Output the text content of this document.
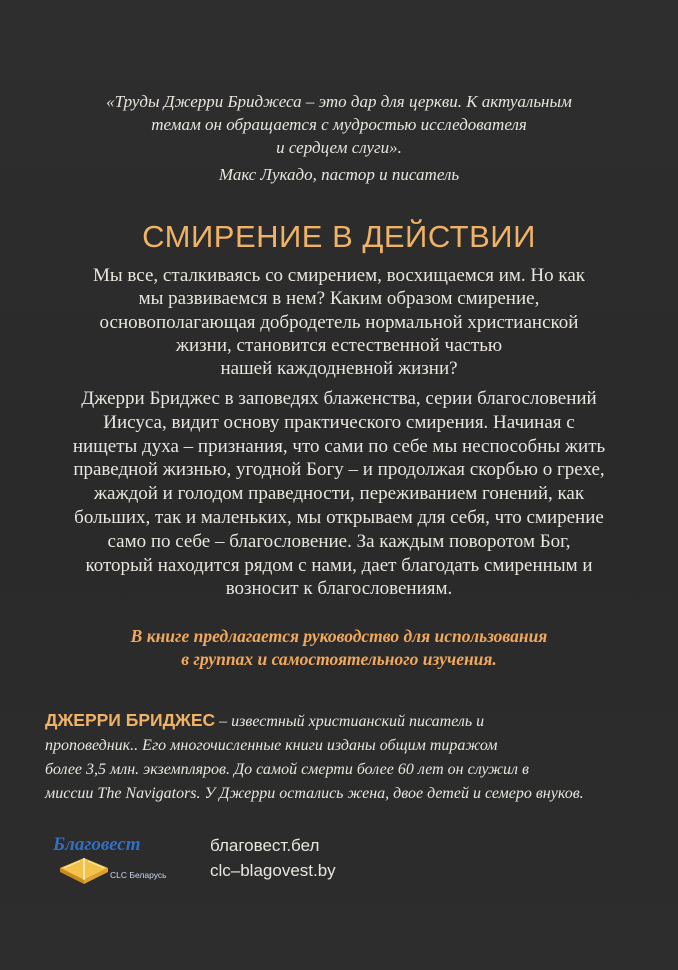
«Труды Джерри Бриджеса – это дар для церкви. К актуальным
темам он обращается с мудростью исследователя
и сердцем слуги».
Макс Лукадо, пастор и писатель
СМИРЕНИЕ В ДЕЙСТВИИ
Мы все, сталкиваясь со смирением, восхищаемся им. Но как
мы развиваемся в нем? Каким образом смирение,
основополагающая добродетель нормальной христианской
жизни, становится естественной частью
нашей каждодневной жизни?
Джерри Бриджес в заповедях блаженства, серии благословений
Иисуса, видит основу практического смирения. Начиная с
нищеты духа – признания, что сами по себе мы неспособны жить
праведной жизнью, угодной Богу – и продолжая скорбью о грехе,
жаждой и голодом праведности, переживанием гонений, как
больших, так и маленьких, мы открываем для себя, что смирение
само по себе – благословение. За каждым поворотом Бог,
который находится рядом с нами, дает благодать смиренным и
возносит к благословениям.
В книге предлагается руководство для использования
в группах и самостоятельного изучения.
ДЖЕРРИ БРИДЖЕС – известный христианский писатель и
проповедник.. Его многочисленные книги изданы общим тиражом
более 3,5 млн. экземпляров. До самой смерти более 60 лет он служил в
миссии The Navigators. У Джерри остались жена, двое детей и семеро внуков.
Благовест
CLC Беларусь
благовест.бел
clc–blagovest.by
